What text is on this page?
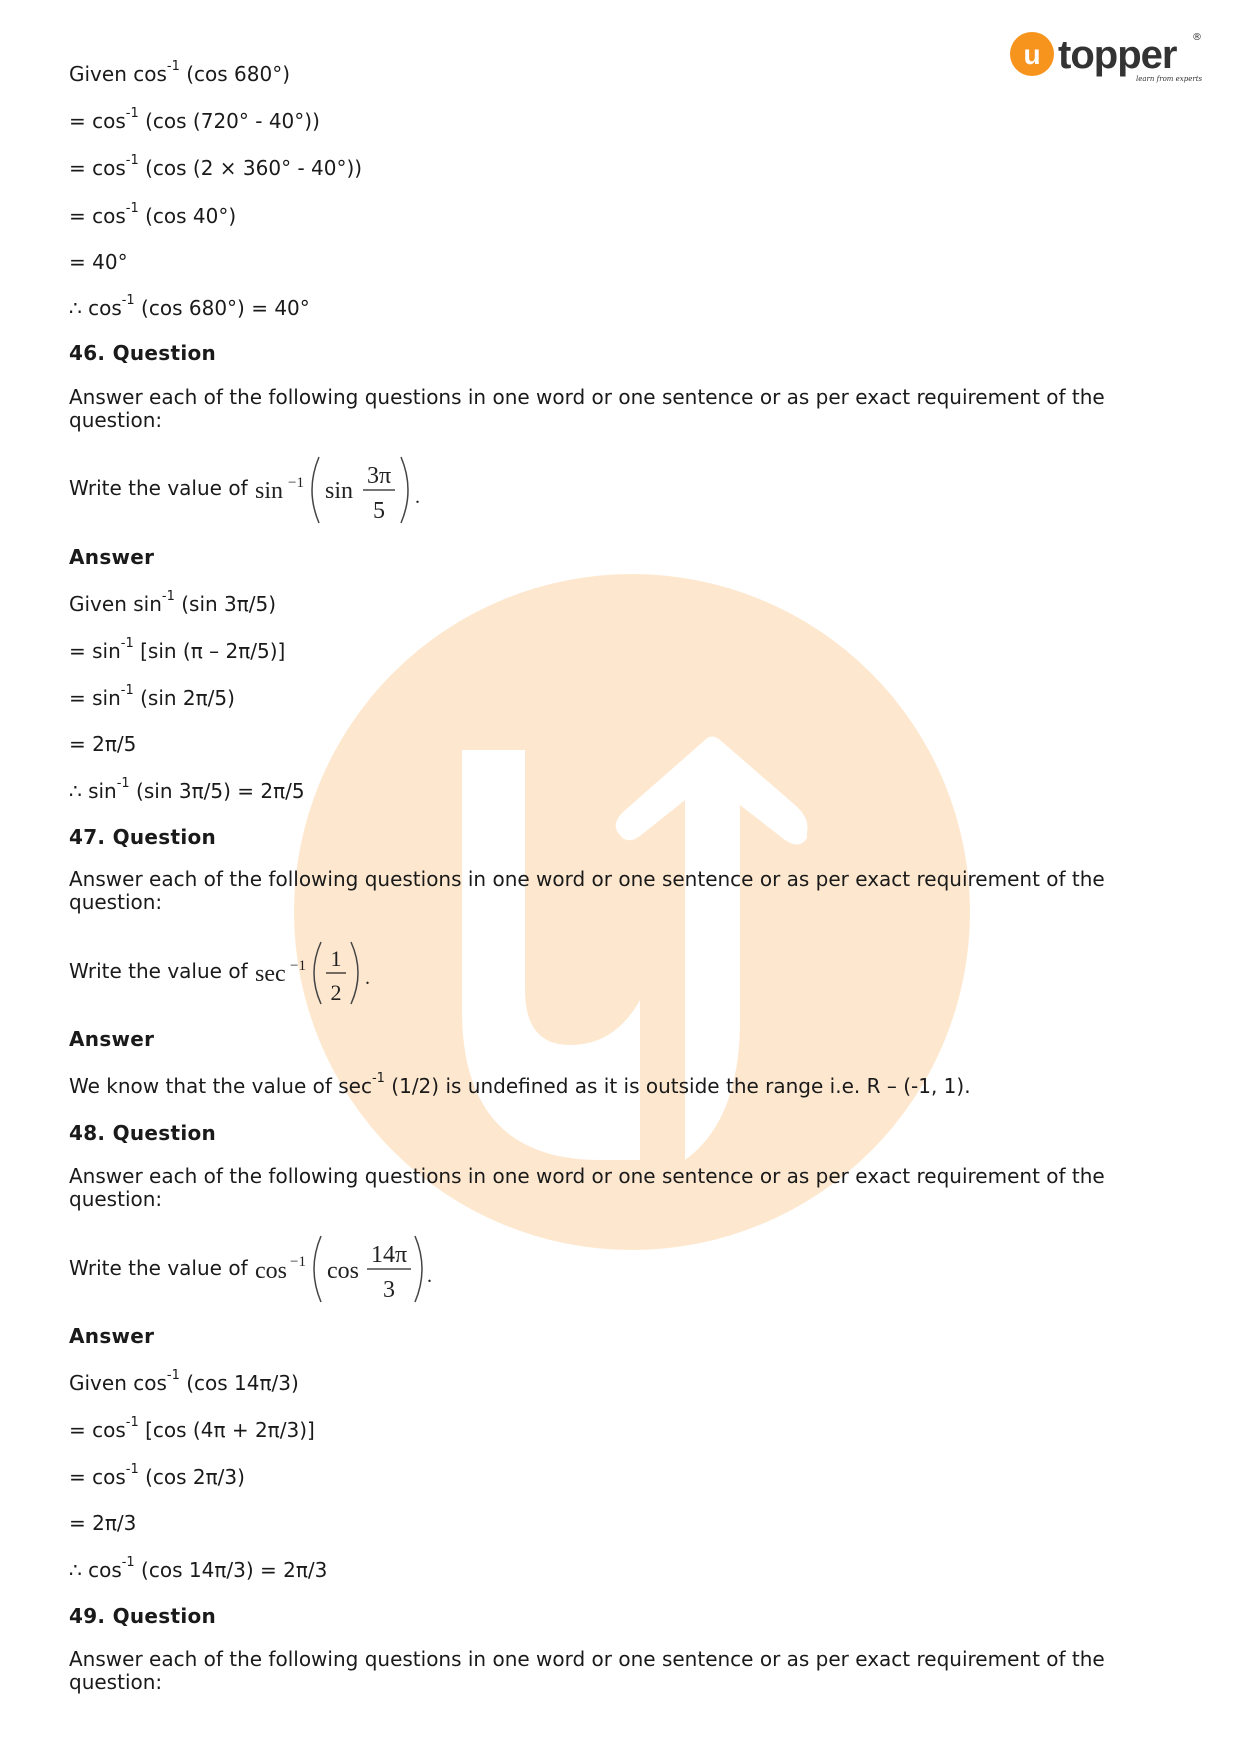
u topper ®
learn from experts
Given $\cos^{-1} (\cos$ 680°)
= $\cos^{-1} (\cos$ (720° - 40°))
= $\cos^{-1} (\cos$ (2 × 360° - 40°))
= $\cos^{-1} (\cos$ 40°)
= 40°
∴ $\cos^{-1} (\cos$ 680°) = 40°
46. Question
Answer each of the following questions in one word or one sentence or as per exact requirement of the question:
Write the value of sin −1 sin
3π
5
.
Answer
Given $\sin^{-1} (\sin$ 3π/5)
= $\sin^{-1} [\sin$ (π – 2π/5)]
= $\sin^{-1} (\sin$ 2π/5)
= 2π/5
∴ $\sin^{-1} (\sin$ 3π/5) = 2π/5
47. Question
Answer each of the following questions in one word or one sentence or as per exact requirement of the question:
Write the value of sec −1 1
2
.
Answer
We know that the value of $\sec^{-1} (1/2)$ is undefined as it is outside the range i.e. R – (-1, 1).
48. Question
Answer each of the following questions in one word or one sentence or as per exact requirement of the question:
Write the value of cos −1 cos
14π
3
.
Answer
Given $\cos^{-1} (\cos$ 14π/3)
= $\cos^{-1} [\cos$ (4π + 2π/3)]
= $\cos^{-1} (\cos$ 2π/3)
= 2π/3
∴ $\cos^{-1} (\cos$ 14π/3) = 2π/3
49. Question
Answer each of the following questions in one word or one sentence or as per exact requirement of the question:
